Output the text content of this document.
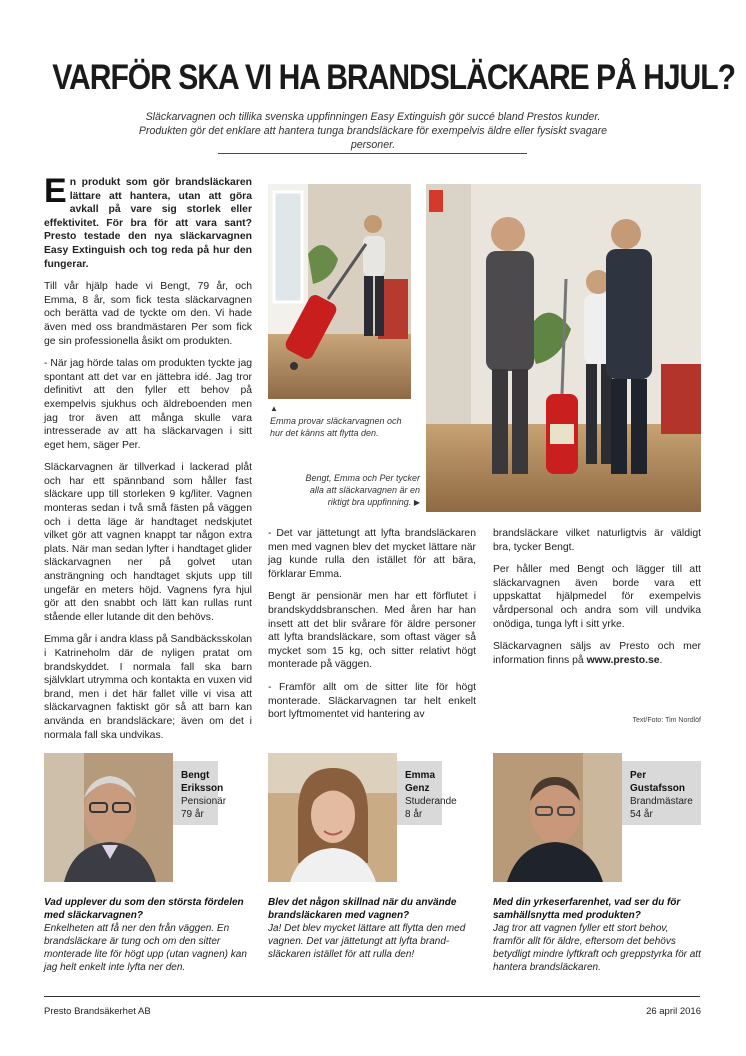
VARFÖR SKA VI HA BRANDSLÄCKARE PÅ HJUL?
Släckarvagnen och tillika svenska uppfinningen Easy Extinguish gör succé bland Prestos kunder. Produkten gör det enklare att hantera tunga brandsläckare för exempelvis äldre eller fysiskt svagare personer.

En produkt som gör brandsläckaren lättare att hantera, utan att göra avkall på vare sig storlek eller effektivitet. För bra för att vara sant? Presto testade den nya släckarvagnen Easy Extinguish och tog reda på hur den fungerar.

Till vår hjälp hade vi Bengt, 79 år, och Emma, 8 år, som fick testa släckarvagnen och berätta vad de tyckte om den. Vi hade även med oss brandmästaren Per som fick ge sin professionella åsikt om produkten.

- När jag hörde talas om produkten tyckte jag spontant att det var en jättebra idé. Jag tror definitivt att den fyller ett behov på exempelvis sjukhus och äldreboenden men jag tror även att många skulle vara intresserade av att ha släckarvagen i sitt eget hem, säger Per.

Släckarvagnen är tillverkad i lackerad plåt och har ett spännband som håller fast släckare upp till storleken 9 kg/liter. Vagnen monteras sedan i två små fästen på väggen och i detta läge är handtaget nedskjutet vilket gör att vagnen knappt tar någon extra plats. När man sedan lyfter i handtaget glider släckarvagnen ner på golvet utan ansträngning och handtaget skjuts upp till ungefär en meters höjd. Vagnens fyra hjul gör att den snabbt och lätt kan rullas runt stående eller lutande dit den behövs.

Emma går i andra klass på Sandbäcksskolan i Katrineholm där de nyligen pratat om brandskyddet. I normala fall ska barn självklart utrymma och kontakta en vuxen vid brand, men i det här fallet ville vi visa att släckarvagnen faktiskt gör så att barn kan använda en brandsläckare; även om det i normala fall ska undvikas.

▲
Emma provar släckarvagnen och hur det känns att flytta den.
Bengt, Emma och Per tycker alla att släckarvagnen är en riktigt bra uppfinning. ▶

- Det var jättetungt att lyfta brandsläckaren men med vagnen blev det mycket lättare när jag kunde rulla den istället för att bära, förklarar Emma.

Bengt är pensionär men har ett förflutet i brandskyddsbranschen. Med åren har han insett att det blir svårare för äldre personer att lyfta brandsläckare, som oftast väger så mycket som 15 kg, och sitter relativt högt monterade på väggen.

- Framför allt om de sitter lite för högt monterade. Släckarvagnen tar helt enkelt bort lyftmomentet vid hantering av

brandsläckare vilket naturligtvis är väldigt bra, tycker Bengt.

Per håller med Bengt och lägger till att släckarvagnen även borde vara ett uppskattat hjälpmedel för exempelvis vårdpersonal och andra som vill undvika onödiga, tunga lyft i sitt yrke.

Släckarvagnen säljs av Presto och mer information finns på www.presto.se.

Text/Foto: Tim Nordlöf
Bengt
Eriksson
Pensionär
79 år
Vad upplever du som den största fördelen med släckarvagnen?
Enkelheten att få ner den från väggen. En brandsläckare är tung och om den sitter monterade lite för högt upp (utan vagnen) kan jag helt enkelt inte lyfta ner den.
Emma
Genz
Studerande
8 år
Blev det någon skillnad när du använde brandsläckaren med vagnen?
Ja! Det blev mycket lättare att flytta den med vagnen. Det var jättetungt att lyfta brand-släckaren istället för att rulla den!
Per
Gustafsson
Brandmästare
54 år
Med din yrkeserfarenhet, vad ser du för samhällsnytta med produkten?
Jag tror att vagnen fyller ett stort behov, framför allt för äldre, eftersom det behövs betydligt mindre lyftkraft och greppstyrka för att hantera brandsläckaren.
Presto Brandsäkerhet AB	26 april 2016
